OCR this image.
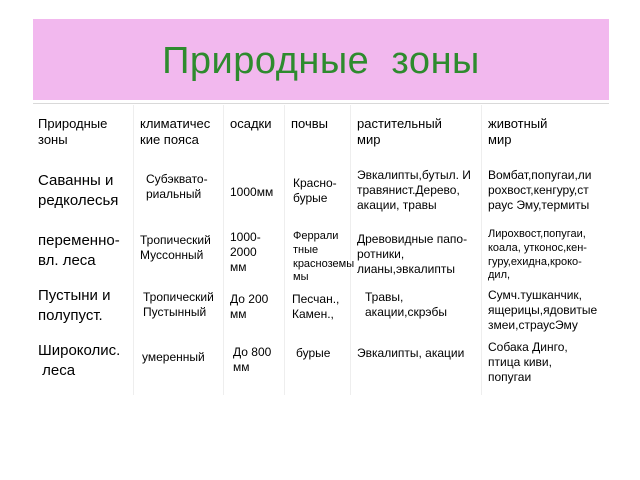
Природные  зоны
Природные
зоны
климатичес
кие пояса
осадки почвы растительный
мир
животный
мир
Саванны и
редколесья
Субэквато-
риальный	1000мм
Красно-
бурые
Эвкалипты,бутыл. И
травянист.Дерево,
акации, травы
Вомбат,попугаи,ли
рохвост,кенгуру,ст
раус Эму,термиты
переменно-
вл. леса
Тропический
Муссонный
1000-
2000
мм
Феррали
тные
красноземы
мы
Древовидные папо-
ротники,
лианы,эвкалипты
Лирохвост,попугаи,
коала, утконос,кен-
гуру,ехидна,кроко-
дил,
Пустыни и
полупуст.
Тропический
Пустынный
До 200
мм
Песчан.,
Камен.,
Травы,
акации,скрэбы
Сумч.тушканчик,
ящерицы,ядовитые
змеи,страусЭму
Широколис.
леса
умеренный До 800
мм
бурые Эвкалипты, акации Собака Динго,
птица киви,
попугаи
